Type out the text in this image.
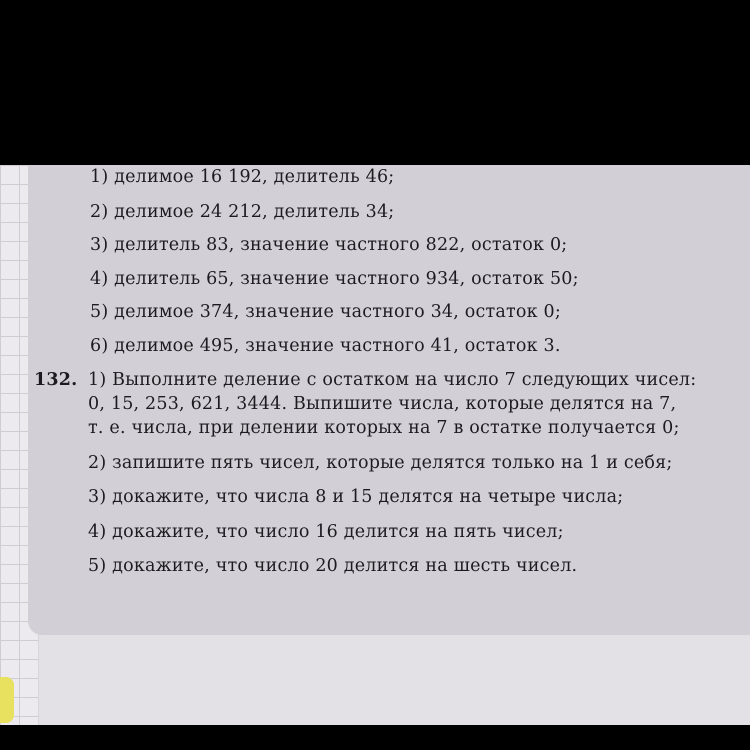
1) делимое 16 192, делитель 46;
2) делимое 24 212, делитель 34;
3) делитель 83, значение частного 822, остаток 0;
4) делитель 65, значение частного 934, остаток 50;
5) делимое 374, значение частного 34, остаток 0;
6) делимое 495, значение частного 41, остаток 3.
132. 1) Выполните деление с остатком на число 7 следующих чисел:
0, 15, 253, 621, 3444. Выпишите числа, которые делятся на 7,
т. е. числа, при делении которых на 7 в остатке получается 0;
2) запишите пять чисел, которые делятся только на 1 и себя;
3) докажите, что числа 8 и 15 делятся на четыре числа;
4) докажите, что число 16 делится на пять чисел;
5) докажите, что число 20 делится на шесть чисел.
